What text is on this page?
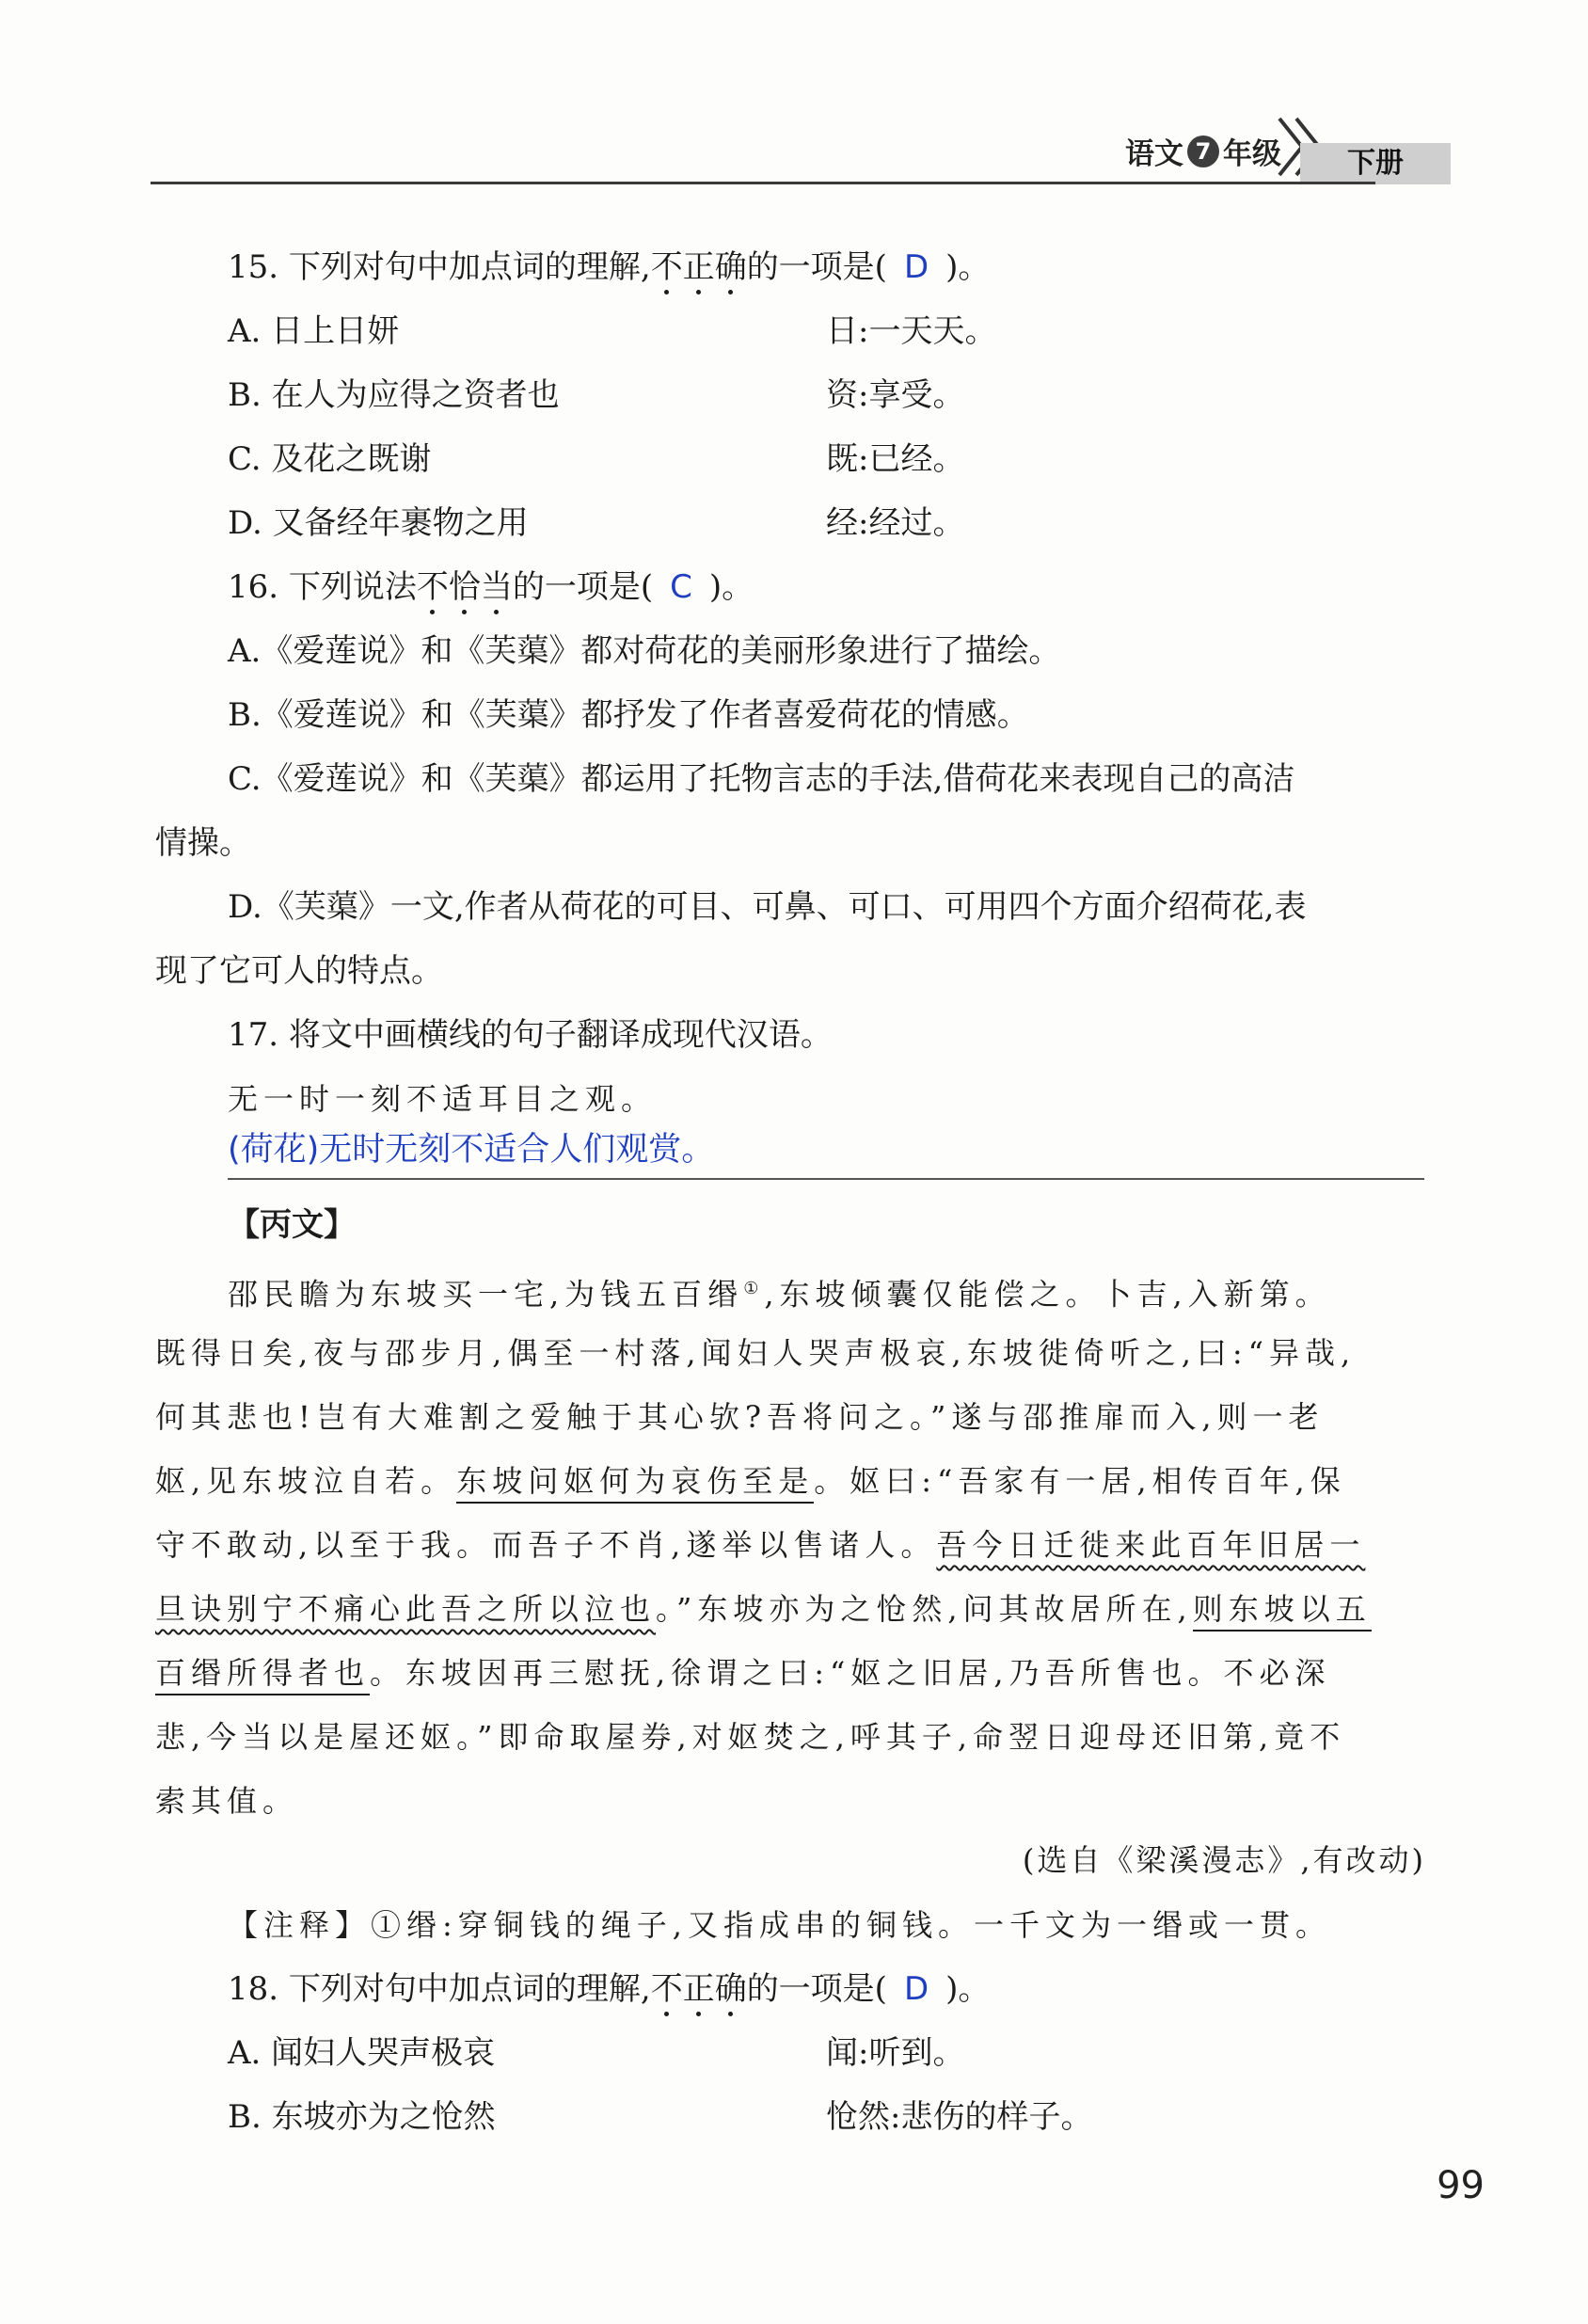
语文 7 年级	下册
15. 下列对句中加点词的理解,不正确的一项是( D )。
A. 日上日妍	日:一天天。
B. 在人为应得之资者也	资:享受。
C. 及花之既谢	既:已经。
D. 又备经年裹物之用	经:经过。
16. 下列说法不恰当的一项是( C )。
A.《爱莲说》和《芙蕖》都对荷花的美丽形象进行了描绘。
B.《爱莲说》和《芙蕖》都抒发了作者喜爱荷花的情感。
C.《爱莲说》和《芙蕖》都运用了托物言志的手法,借荷花来表现自己的高洁
情操。
D.《芙蕖》一文,作者从荷花的可目、可鼻、可口、可用四个方面介绍荷花,表
现了它可人的特点。
17. 将文中画横线的句子翻译成现代汉语。
无一时一刻不适耳目之观。
(荷花)无时无刻不适合人们观赏。
【丙文】
邵民瞻为东坡买一宅,为钱五百缗①,东坡倾囊仅能偿之。卜吉,入新第。
既得日矣,夜与邵步月,偶至一村落,闻妇人哭声极哀,东坡徙倚听之,曰:“异哉,
何其悲也!岂有大难割之爱触于其心欤?吾将问之。”遂与邵推扉而入,则一老
妪,见东坡泣自若。东坡问妪何为哀伤至是。妪曰:“吾家有一居,相传百年,保
守不敢动,以至于我。而吾子不肖,遂举以售诸人。吾今日迁徙来此百年旧居一
旦诀别宁不痛心此吾之所以泣也。”东坡亦为之怆然,问其故居所在,则东坡以五
百缗所得者也。东坡因再三慰抚,徐谓之曰:“妪之旧居,乃吾所售也。不必深
悲,今当以是屋还妪。”即命取屋券,对妪焚之,呼其子,命翌日迎母还旧第,竟不
索其值。
(选自《梁溪漫志》,有改动)
【注释】①缗:穿铜钱的绳子,又指成串的铜钱。一千文为一缗或一贯。
18. 下列对句中加点词的理解,不正确的一项是( D )。
A. 闻妇人哭声极哀	闻:听到。
B. 东坡亦为之怆然	怆然:悲伤的样子。
99
